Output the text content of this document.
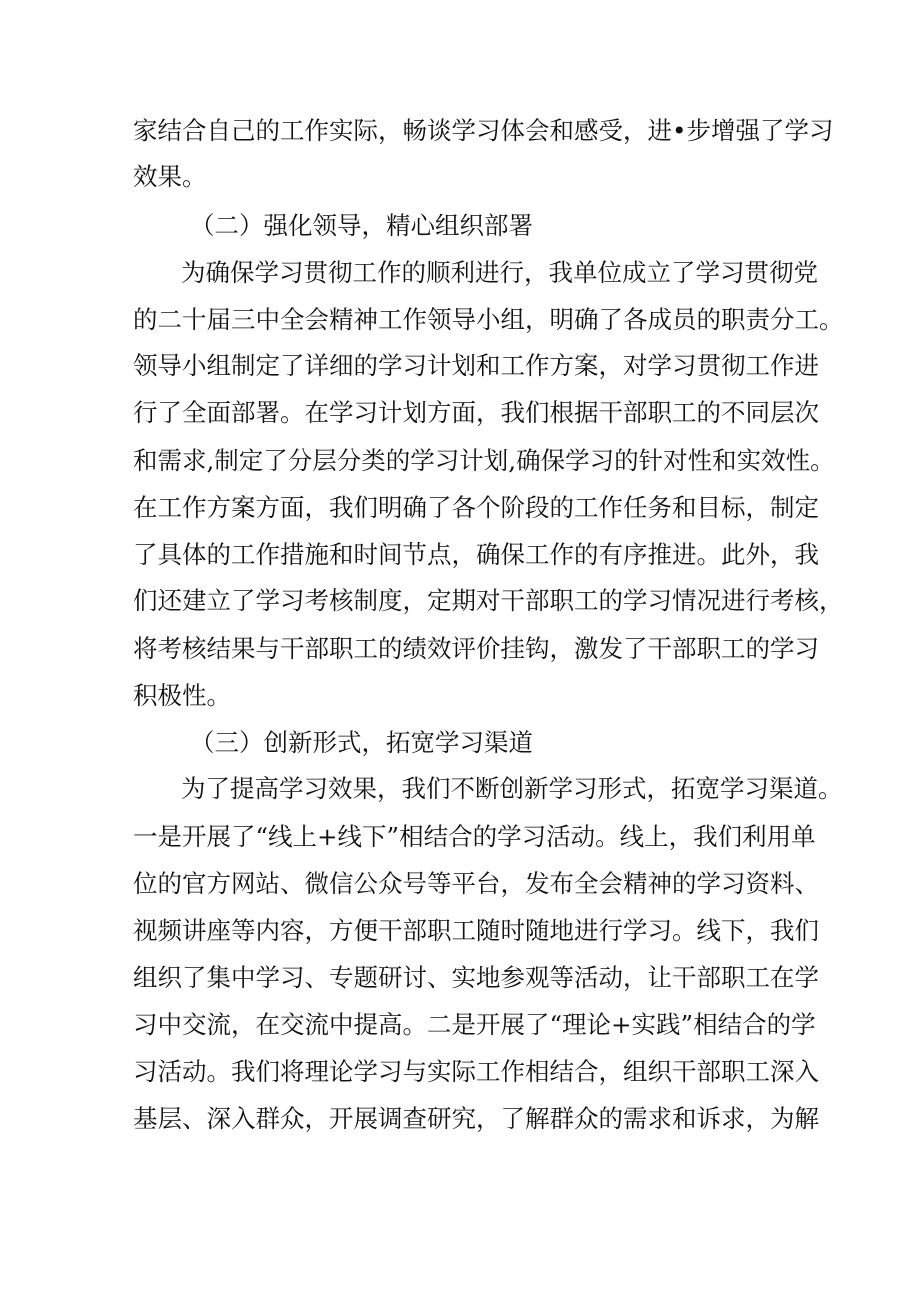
家结合自己的工作实际，畅谈学习体会和感受，进•步增强了学习
效果。
（二）强化领导，精心组织部署
为确保学习贯彻工作的顺利进行，我单位成立了学习贯彻党
的二十届三中全会精神工作领导小组，明确了各成员的职责分工。
领导小组制定了详细的学习计划和工作方案，对学习贯彻工作进
行了全面部署。在学习计划方面，我们根据干部职工的不同层次
和需求,制定了分层分类的学习计划,确保学习的针对性和实效性。
在工作方案方面，我们明确了各个阶段的工作任务和目标，制定
了具体的工作措施和时间节点，确保工作的有序推进。此外，我
们还建立了学习考核制度，定期对干部职工的学习情况进行考核，
将考核结果与干部职工的绩效评价挂钩，激发了干部职工的学习
积极性。
（三）创新形式，拓宽学习渠道
为了提高学习效果，我们不断创新学习形式，拓宽学习渠道。
一是开展了“线上+线下”相结合的学习活动。线上，我们利用单
位的官方网站、微信公众号等平台，发布全会精神的学习资料、
视频讲座等内容，方便干部职工随时随地进行学习。线下，我们
组织了集中学习、专题研讨、实地参观等活动，让干部职工在学
习中交流，在交流中提高。二是开展了“理论+实践”相结合的学
习活动。我们将理论学习与实际工作相结合，组织干部职工深入
基层、深入群众，开展调查研究，了解群众的需求和诉求，为解
